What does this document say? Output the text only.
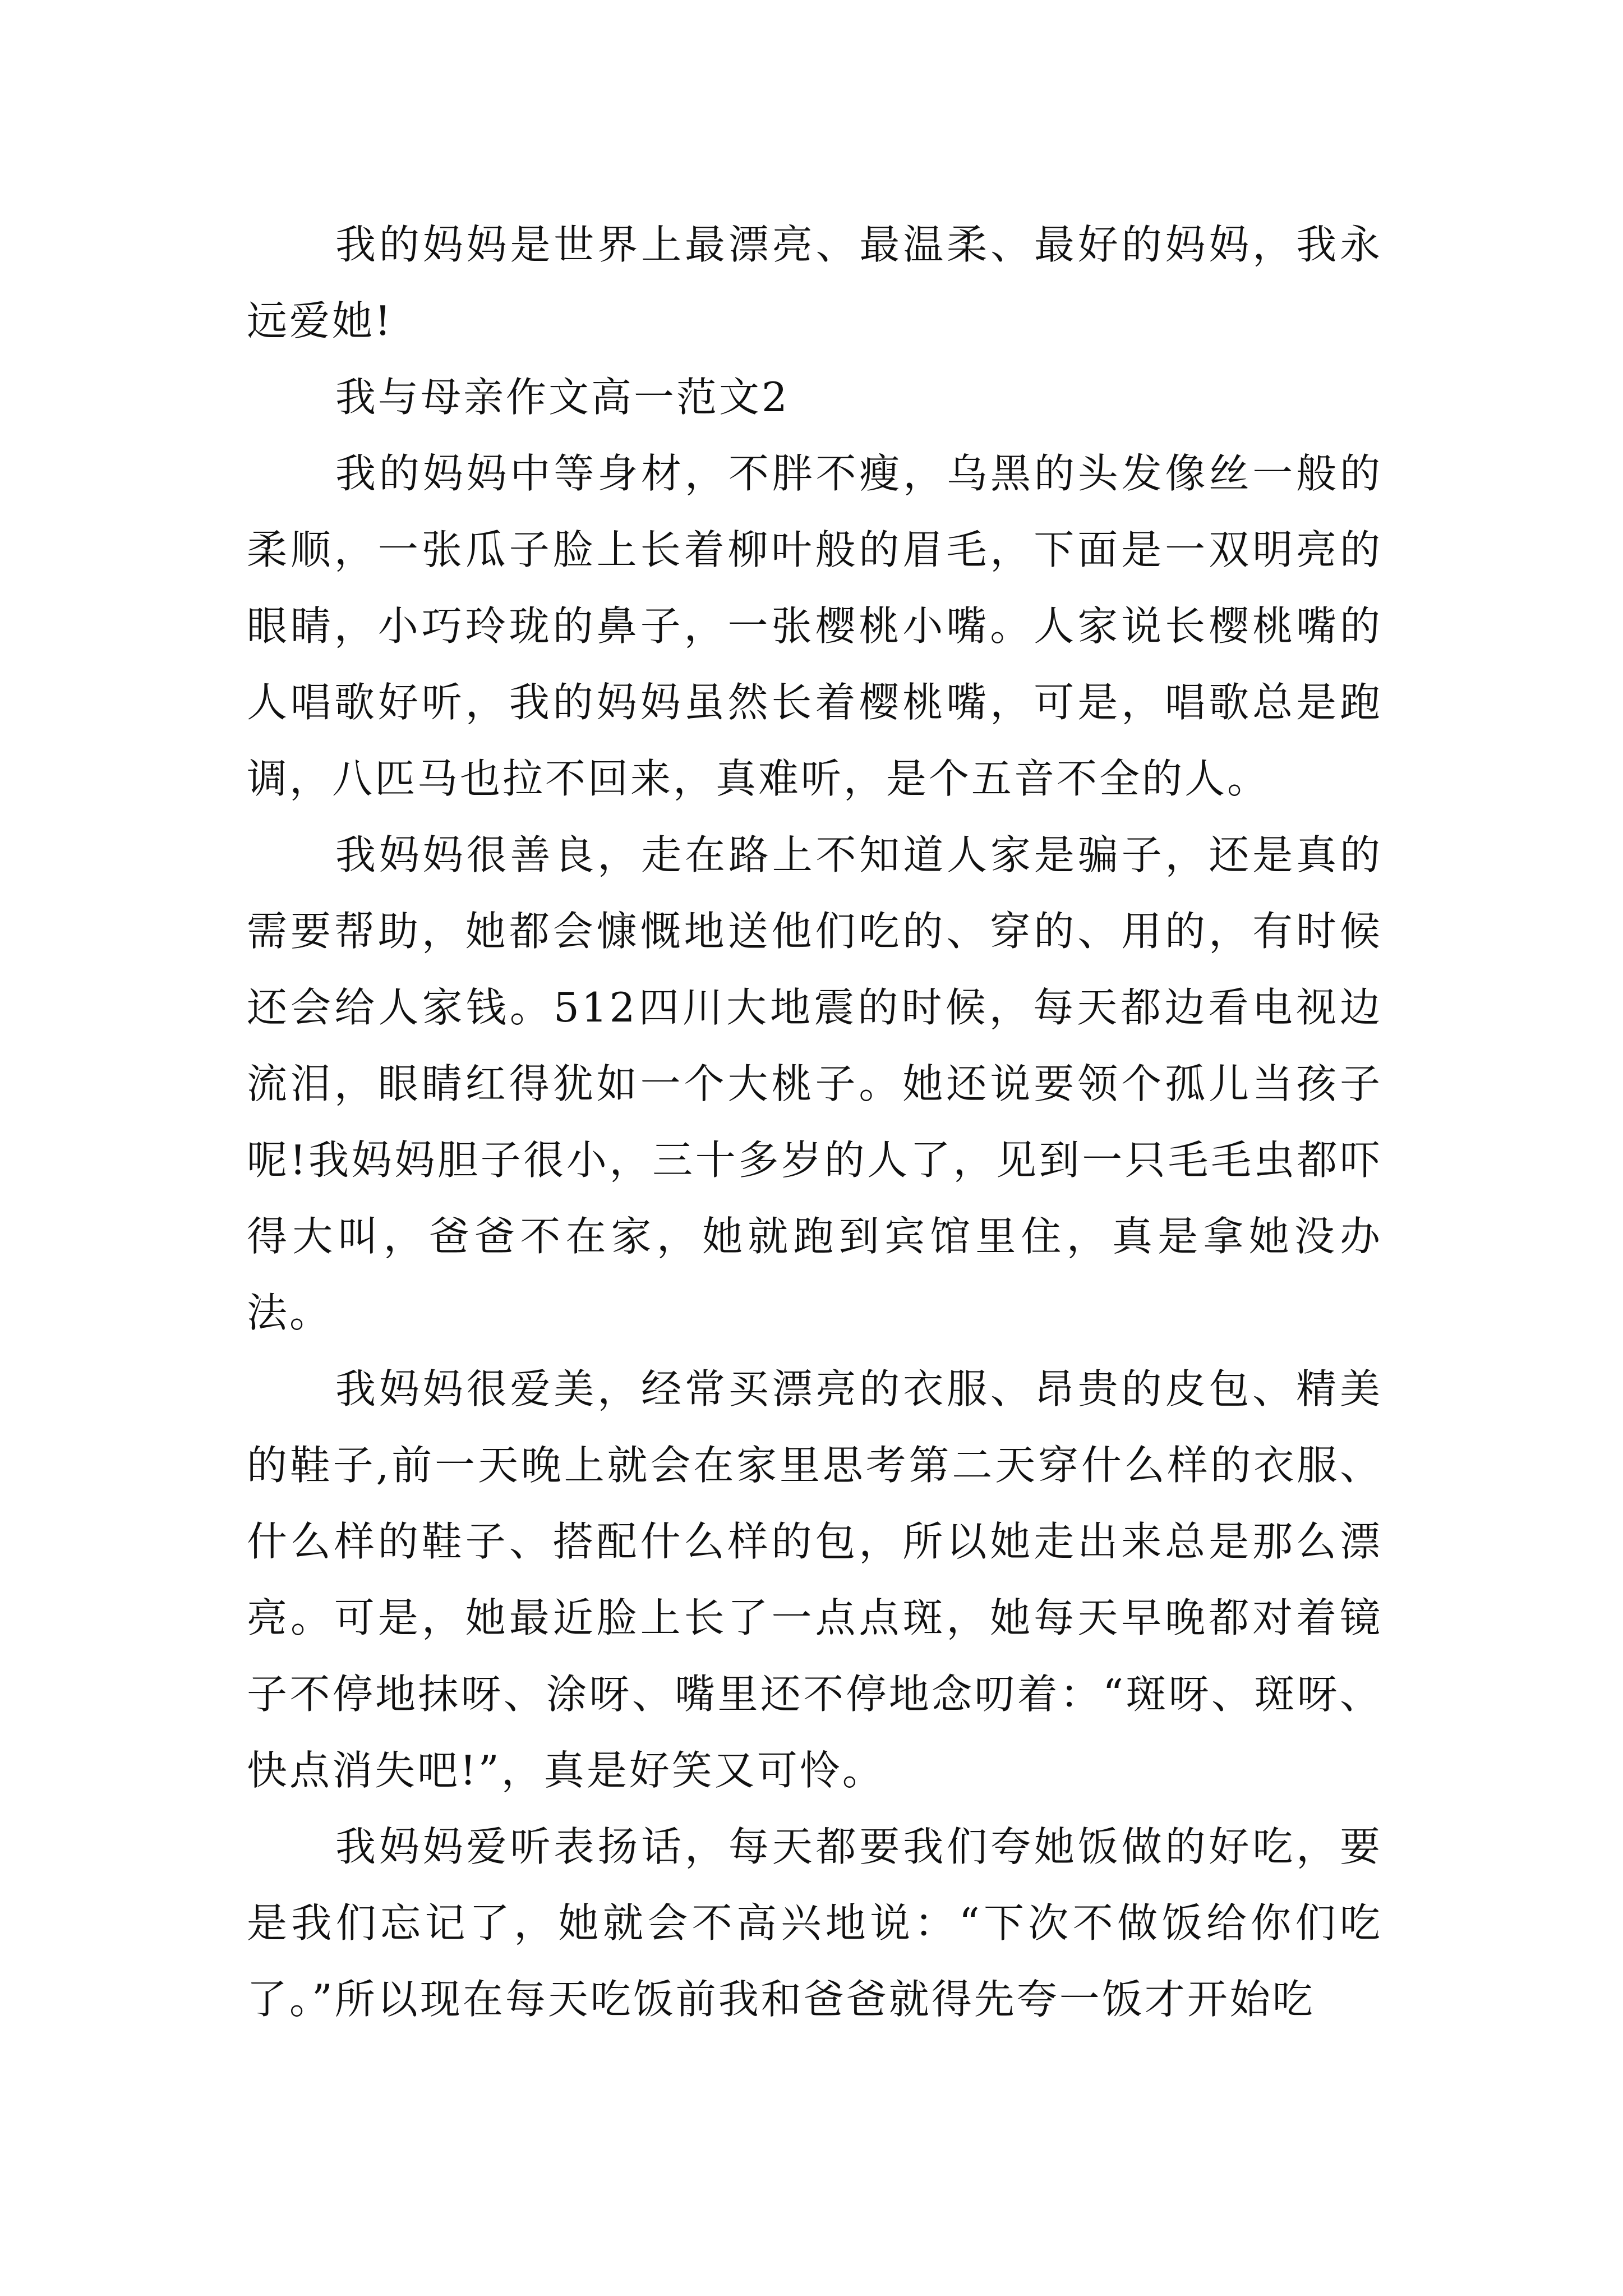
我的妈妈是世界上最漂亮、最温柔、最好的妈妈，我永远爱她!

我与母亲作文高一范文2

我的妈妈中等身材，不胖不瘦，乌黑的头发像丝一般的柔顺，一张瓜子脸上长着柳叶般的眉毛，下面是一双明亮的眼睛，小巧玲珑的鼻子，一张樱桃小嘴。人家说长樱桃嘴的人唱歌好听，我的妈妈虽然长着樱桃嘴，可是，唱歌总是跑调，八匹马也拉不回来，真难听，是个五音不全的人。

我妈妈很善良，走在路上不知道人家是骗子，还是真的需要帮助，她都会慷慨地送他们吃的、穿的、用的，有时候还会给人家钱。512四川大地震的时候，每天都边看电视边流泪，眼睛红得犹如一个大桃子。她还说要领个孤儿当孩子呢!我妈妈胆子很小，三十多岁的人了，见到一只毛毛虫都吓得大叫，爸爸不在家，她就跑到宾馆里住，真是拿她没办法。

我妈妈很爱美，经常买漂亮的衣服、昂贵的皮包、精美的鞋子,前一天晚上就会在家里思考第二天穿什么样的衣服、什么样的鞋子、搭配什么样的包，所以她走出来总是那么漂亮。可是，她最近脸上长了一点点斑，她每天早晚都对着镜子不停地抹呀、涂呀、嘴里还不停地念叨着：“斑呀、斑呀、快点消失吧!”，真是好笑又可怜。

我妈妈爱听表扬话，每天都要我们夸她饭做的好吃，要是我们忘记了，她就会不高兴地说：“下次不做饭给你们吃了。”所以现在每天吃饭前我和爸爸就得先夸一饭才开始吃
